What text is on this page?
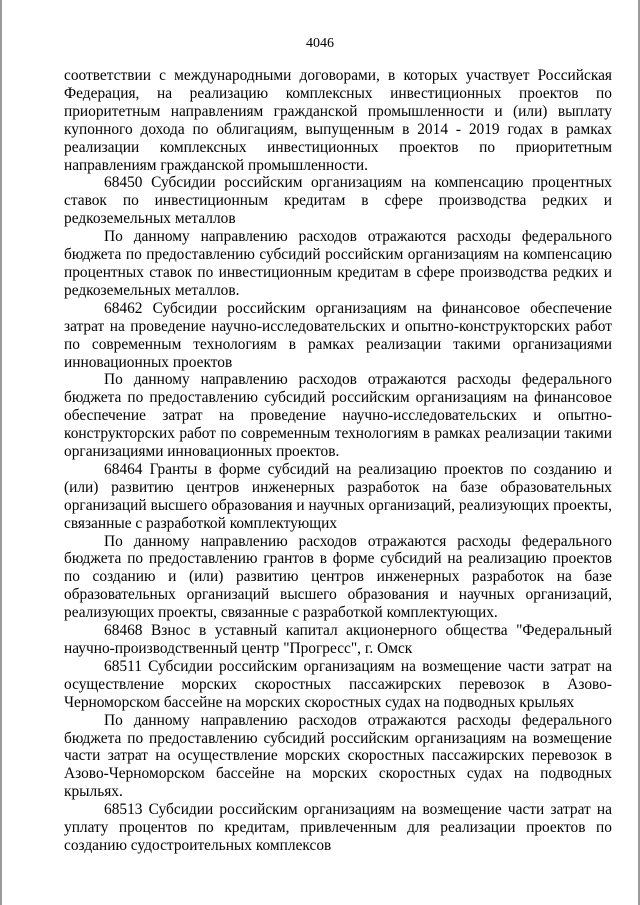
4046

соответствии с международными договорами, в которых участвует Российская Федерация, на реализацию комплексных инвестиционных проектов по приоритетным направлениям гражданской промышленности и (или) выплату купонного дохода по облигациям, выпущенным в 2014 - 2019 годах в рамках реализации комплексных инвестиционных проектов по приоритетным направлениям гражданской промышленности.

68450 Субсидии российским организациям на компенсацию процентных ставок по инвестиционным кредитам в сфере производства редких и редкоземельных металлов

По данному направлению расходов отражаются расходы федерального бюджета по предоставлению субсидий российским организациям на компенсацию процентных ставок по инвестиционным кредитам в сфере производства редких и редкоземельных металлов.

68462 Субсидии российским организациям на финансовое обеспечение затрат на проведение научно-исследовательских и опытно-конструкторских работ по современным технологиям в рамках реализации такими организациями инновационных проектов

По данному направлению расходов отражаются расходы федерального бюджета по предоставлению субсидий российским организациям на финансовое обеспечение затрат на проведение научно-исследовательских и опытно-конструкторских работ по современным технологиям в рамках реализации такими организациями инновационных проектов.

68464 Гранты в форме субсидий на реализацию проектов по созданию и (или) развитию центров инженерных разработок на базе образовательных организаций высшего образования и научных организаций, реализующих проекты, связанные с разработкой комплектующих

По данному направлению расходов отражаются расходы федерального бюджета по предоставлению грантов в форме субсидий на реализацию проектов по созданию и (или) развитию центров инженерных разработок на базе образовательных организаций высшего образования и научных организаций, реализующих проекты, связанные с разработкой комплектующих.

68468 Взнос в уставный капитал акционерного общества "Федеральный научно-производственный центр "Прогресс", г. Омск

68511 Субсидии российским организациям на возмещение части затрат на осуществление морских скоростных пассажирских перевозок в Азово-Черноморском бассейне на морских скоростных судах на подводных крыльях

По данному направлению расходов отражаются расходы федерального бюджета по предоставлению субсидий российским организациям на возмещение части затрат на осуществление морских скоростных пассажирских перевозок в Азово-Черноморском бассейне на морских скоростных судах на подводных крыльях.

68513 Субсидии российским организациям на возмещение части затрат на уплату процентов по кредитам, привлеченным для реализации проектов по созданию судостроительных комплексов
